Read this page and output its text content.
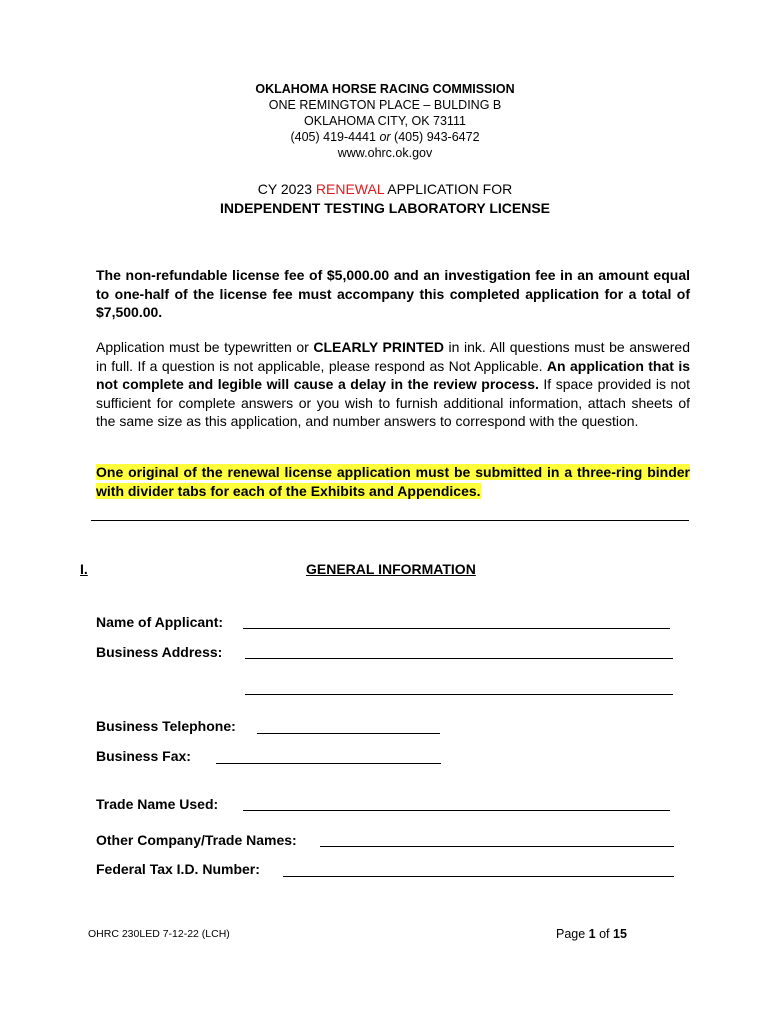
OKLAHOMA HORSE RACING COMMISSION
ONE REMINGTON PLACE – BULDING B
OKLAHOMA CITY, OK 73111
(405) 419-4441 or (405) 943-6472
www.ohrc.ok.gov
CY 2023 RENEWAL APPLICATION FOR
INDEPENDENT TESTING LABORATORY LICENSE
The non-refundable license fee of $5,000.00 and an investigation fee in an amount equal to one-half of the license fee must accompany this completed application for a total of $7,500.00.
Application must be typewritten or CLEARLY PRINTED in ink. All questions must be answered in full. If a question is not applicable, please respond as Not Applicable. An application that is not complete and legible will cause a delay in the review process. If space provided is not sufficient for complete answers or you wish to furnish additional information, attach sheets of the same size as this application, and number answers to correspond with the question.
One original of the renewal license application must be submitted in a three-ring binder with divider tabs for each of the Exhibits and Appendices.
I.	GENERAL INFORMATION
Name of Applicant:
Business Address:
Business Telephone:
Business Fax:
Trade Name Used:
Other Company/Trade Names:
Federal Tax I.D. Number:
OHRC 230LED 7-12-22 (LCH)	Page 1 of 15
